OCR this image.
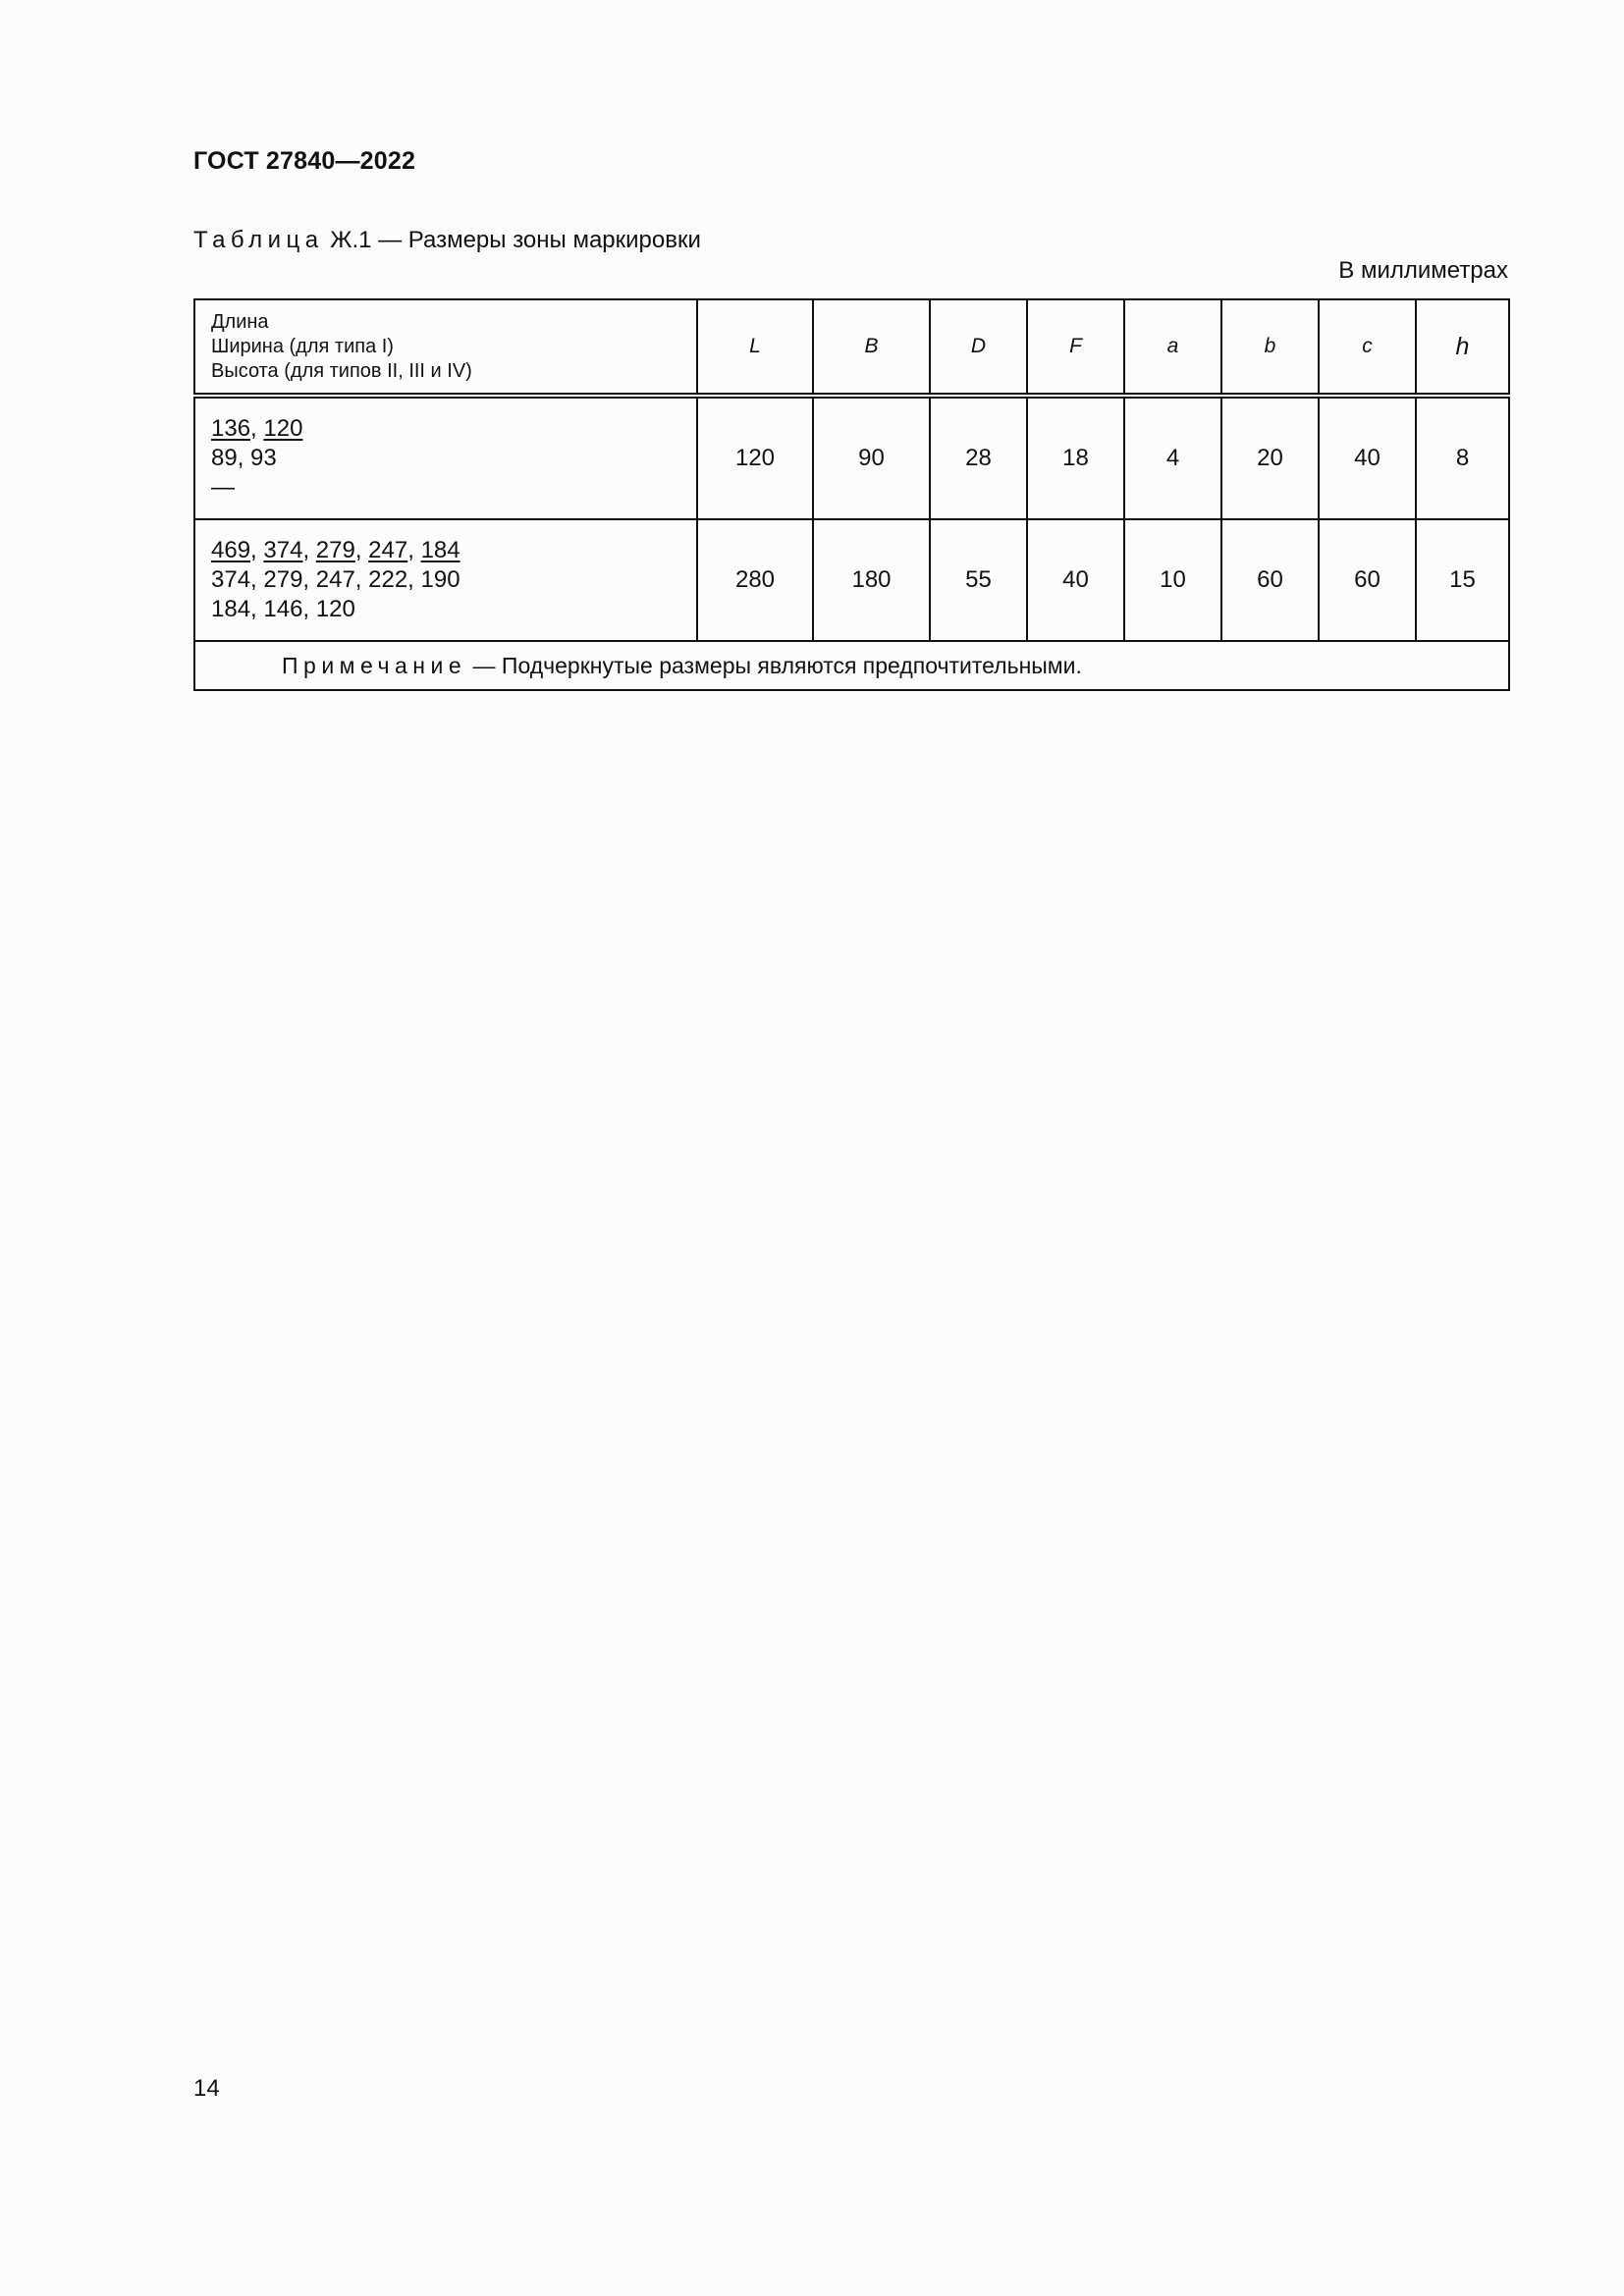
ГОСТ 27840—2022
Таблица Ж.1 — Размеры зоны маркировки
В миллиметрах
Длина
Ширина (для типа I)
Высота (для типов II, III и IV)	L	B	D	F	a	b	c	h

136, 120
89, 93
—	120	90	28	18	4	20	40	8

469, 374, 279, 247, 184
374, 279, 247, 222, 190
184, 146, 120	280	180	55	40	10	60	60	15
Примечание — Подчеркнутые размеры являются предпочтительными.								
14
